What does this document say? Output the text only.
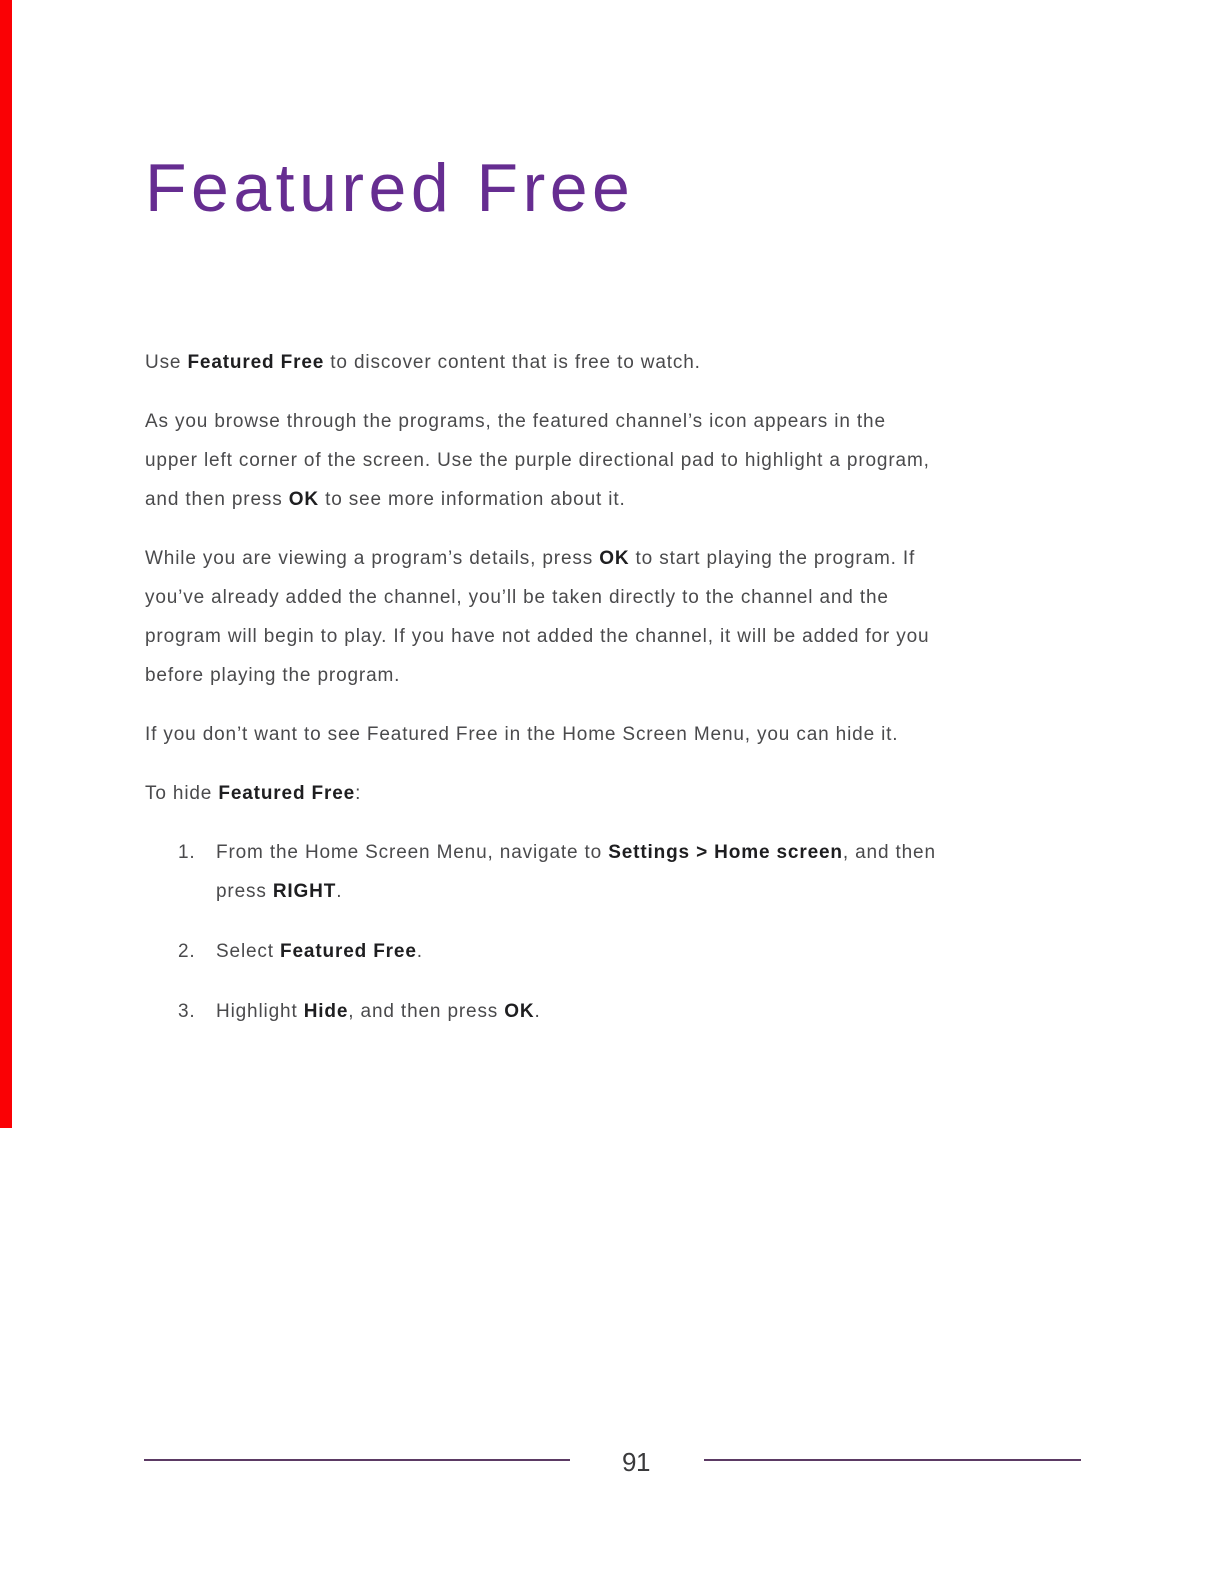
Featured Free
Use Featured Free to discover content that is free to watch.
As you browse through the programs, the featured channel’s icon appears in the
upper left corner of the screen. Use the purple directional pad to highlight a program,
and then press OK to see more information about it.
While you are viewing a program’s details, press OK to start playing the program. If
you’ve already added the channel, you’ll be taken directly to the channel and the
program will begin to play. If you have not added the channel, it will be added for you
before playing the program.
If you don’t want to see Featured Free in the Home Screen Menu, you can hide it.
To hide Featured Free:
1.	From the Home Screen Menu, navigate to Settings > Home screen, and then
press RIGHT.
2.	Select Featured Free.
3.	Highlight Hide, and then press OK.
91
